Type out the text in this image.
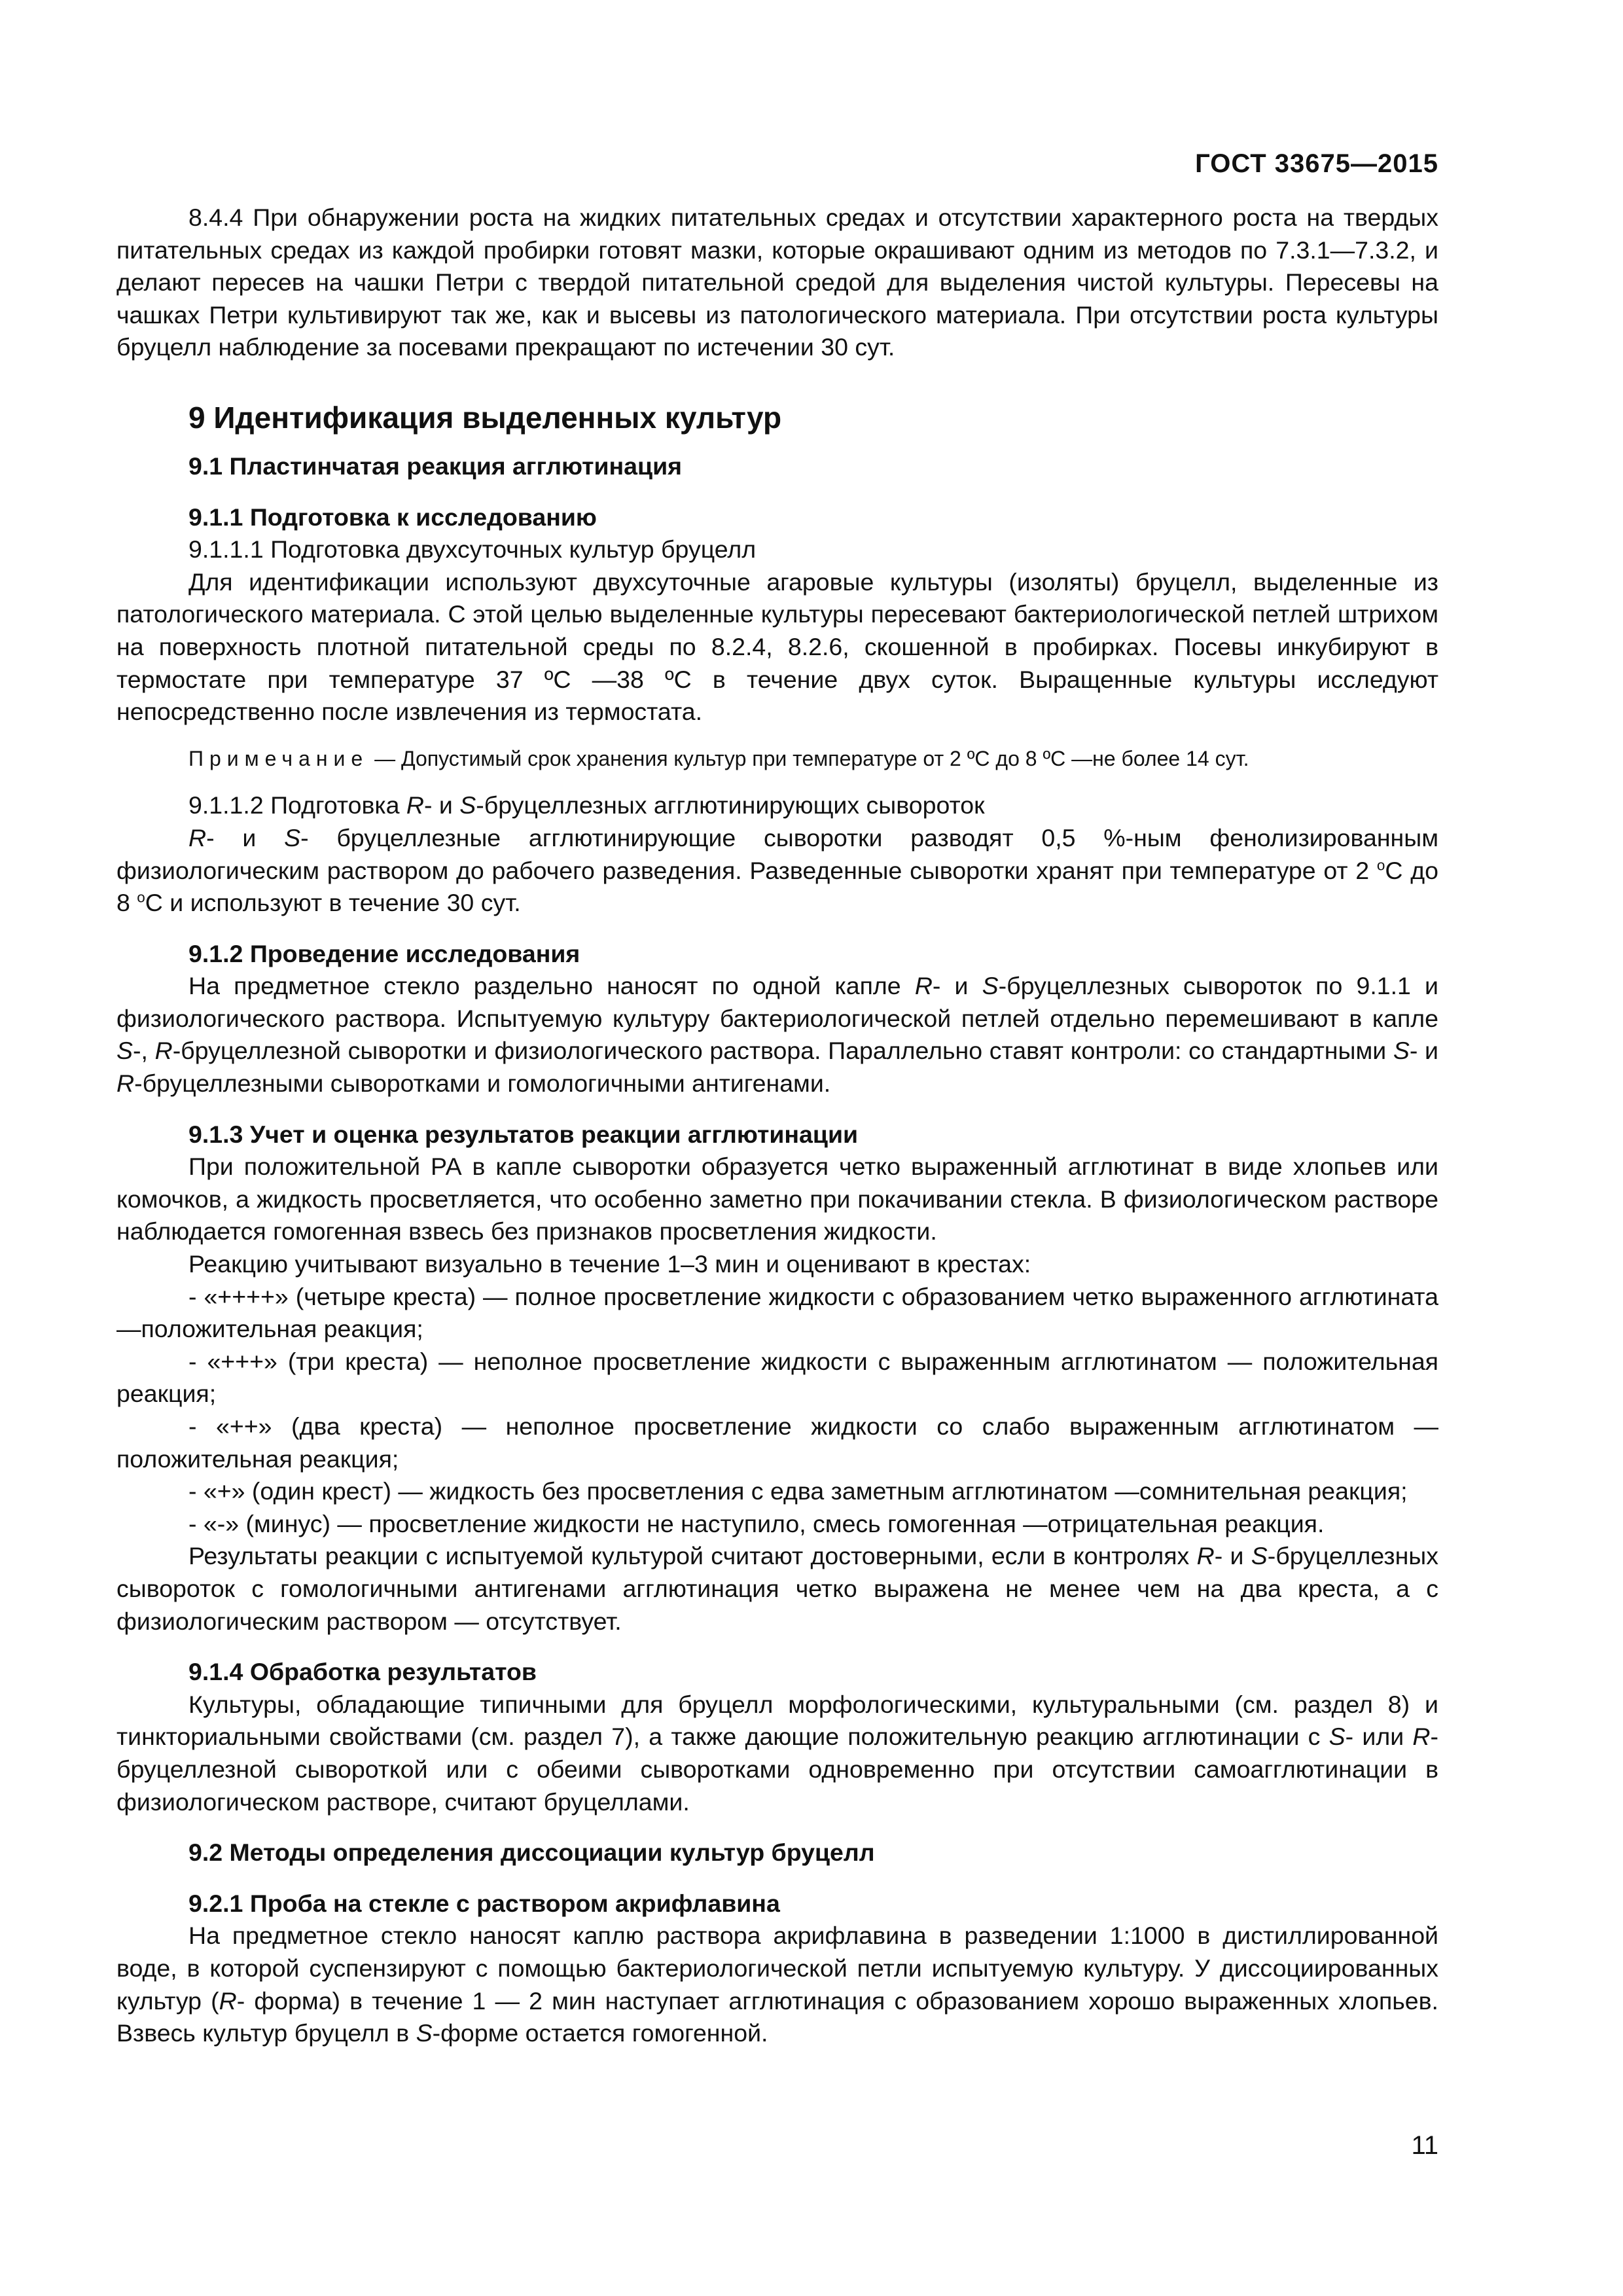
ГОСТ 33675—2015

8.4.4 При обнаружении роста на жидких питательных средах и отсутствии характерного роста на твердых питательных средах из каждой пробирки готовят мазки, которые окрашивают одним из методов по 7.3.1—7.3.2, и делают пересев на чашки Петри с твердой питательной средой для выделения чистой культуры. Пересевы на чашках Петри культивируют так же, как и высевы из патологического материала. При отсутствии роста культуры бруцелл наблюдение за посевами прекращают по истечении 30 сут.

9 Идентификация выделенных культур

9.1 Пластинчатая реакция агглютинация

9.1.1 Подготовка к исследованию

9.1.1.1 Подготовка двухсуточных культур бруцелл

Для идентификации используют двухсуточные агаровые культуры (изоляты) бруцелл, выделенные из патологического материала. С этой целью выделенные культуры пересевают бактериологической петлей штрихом на поверхность плотной питательной среды по 8.2.4, 8.2.6, скошенной в пробирках. Посевы инкубируют в термостате при температуре 37 ºС —38 ºС в течение двух суток. Выращенные культуры исследуют непосредственно после извлечения из термостата.

Примечание — Допустимый срок хранения культур при температуре от 2 ºС до 8 ºС —не более 14 сут.

9.1.1.2 Подготовка R- и S-бруцеллезных агглютинирующих сывороток

R- и S- бруцеллезные агглютинирующие сыворотки разводят 0,5 %-ным фенолизированным физиологическим раствором до рабочего разведения. Разведенные сыворотки хранят при температуре от 2 $^о$С до 8 $^о$С и используют в течение 30 сут.

9.1.2 Проведение исследования

На предметное стекло раздельно наносят по одной капле R- и S-бруцеллезных сывороток по 9.1.1 и физиологического раствора. Испытуемую культуру бактериологической петлей отдельно перемешивают в капле S-, R-бруцеллезной сыворотки и физиологического раствора. Параллельно ставят контроли: со стандартными S- и R-бруцеллезными сыворотками и гомологичными антигенами.

9.1.3 Учет и оценка результатов реакции агглютинации

При положительной РА в капле сыворотки образуется четко выраженный агглютинат в виде хлопьев или комочков, а жидкость просветляется, что особенно заметно при покачивании стекла. В физиологическом растворе наблюдается гомогенная взвесь без признаков просветления жидкости.

Реакцию учитывают визуально в течение 1–3 мин и оценивают в крестах:

- «++++» (четыре креста) — полное просветление жидкости с образованием четко выраженного агглютината —положительная реакция;

- «+++» (три креста) — неполное просветление жидкости с выраженным агглютинатом — положительная реакция;

- «++» (два креста) — неполное просветление жидкости со слабо выраженным агглютинатом — положительная реакция;

- «+» (один крест) — жидкость без просветления с едва заметным агглютинатом —сомнительная реакция;

- «-» (минус) — просветление жидкости не наступило, смесь гомогенная —отрицательная реакция.

Результаты реакции с испытуемой культурой считают достоверными, если в контролях R- и S-бруцеллезных сывороток с гомологичными антигенами агглютинация четко выражена не менее чем на два креста, а с физиологическим раствором — отсутствует.

9.1.4 Обработка результатов

Культуры, обладающие типичными для бруцелл морфологическими, культуральными (см. раздел 8) и тинкториальными свойствами (см. раздел 7), а также дающие положительную реакцию агглютинации с S- или R-бруцеллезной сывороткой или с обеими сыворотками одновременно при отсутствии самоагглютинации в физиологическом растворе, считают бруцеллами.

9.2 Методы определения диссоциации культур бруцелл

9.2.1 Проба на стекле с раствором акрифлавина

На предметное стекло наносят каплю раствора акрифлавина в разведении 1:1000 в дистиллированной воде, в которой суспензируют с помощью бактериологической петли испытуемую культуру. У диссоциированных культур (R- форма) в течение 1 — 2 мин наступает агглютинация с образованием хорошо выраженных хлопьев. Взвесь культур бруцелл в S-форме остается гомогенной.

11
